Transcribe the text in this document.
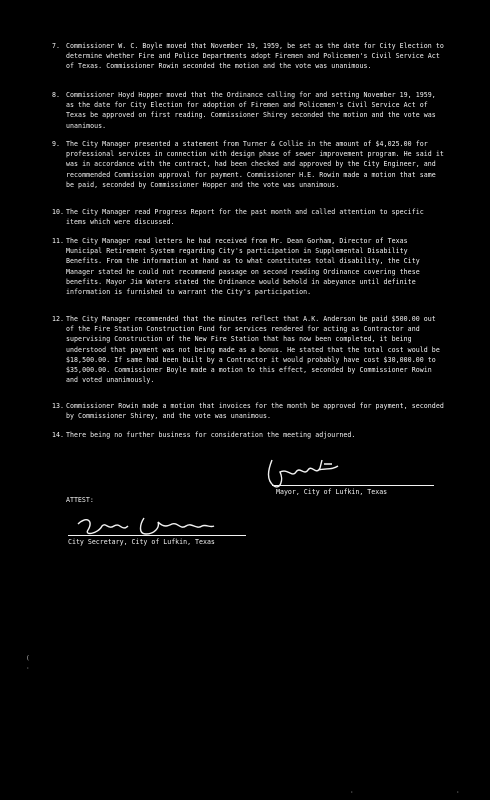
7. Commissioner W. C. Boyle moved that November 19, 1959, be set as the date for City Election to determine whether Fire and Police Departments adopt Firemen and Policemen's Civil Service Act of Texas. Commissioner Rowin seconded the motion and the vote was unanimous.
8. Commissioner Hoyd Hopper moved that the Ordinance calling for and setting November 19, 1959, as the date for City Election for adoption of Firemen and Policemen's Civil Service Act of Texas be approved on first reading. Commissioner Shirey seconded the motion and the vote was unanimous.
9. The City Manager presented a statement from Turner & Collie in the amount of $4,025.00 for professional services in connection with design phase of sewer improvement program. He said it was in accordance with the contract, had been checked and approved by the City Engineer, and recommended Commission approval for payment. Commissioner H.E. Rowin made a motion that same be paid, seconded by Commissioner Hopper and the vote was unanimous.
10. The City Manager read Progress Report for the past month and called attention to specific items which were discussed.
11. The City Manager read letters he had received from Mr. Dean Gorham, Director of Texas Municipal Retirement System regarding City's participation in Supplemental Disability Benefits. From the information at hand as to what constitutes total disability, the City Manager stated he could not recommend passage on second reading Ordinance covering these benefits. Mayor Jim Waters stated the Ordinance would behold in abeyance until definite information is furnished to warrant the City's participation.
12. The City Manager recommended that the minutes reflect that A.K. Anderson be paid $500.00 out of the Fire Station Construction Fund for services rendered for acting as Contractor and supervising Construction of the New Fire Station that has now been completed, it being understood that payment was not being made as a bonus. He stated that the total cost would be $18,500.00. If same had been built by a Contractor it would probably have cost $30,000.00 to $35,000.00. Commissioner Boyle made a motion to this effect, seconded by Commissioner Rowin and voted unanimously.
13. Commissioner Rowin made a motion that invoices for the month be approved for payment, seconded by Commissioner Shirey, and the vote was unanimous.
14. There being no further business for consideration the meeting adjourned.
Mayor, City of Lufkin, Texas
ATTEST:
City Secretary, City of Lufkin, Texas
(
·
·	·
